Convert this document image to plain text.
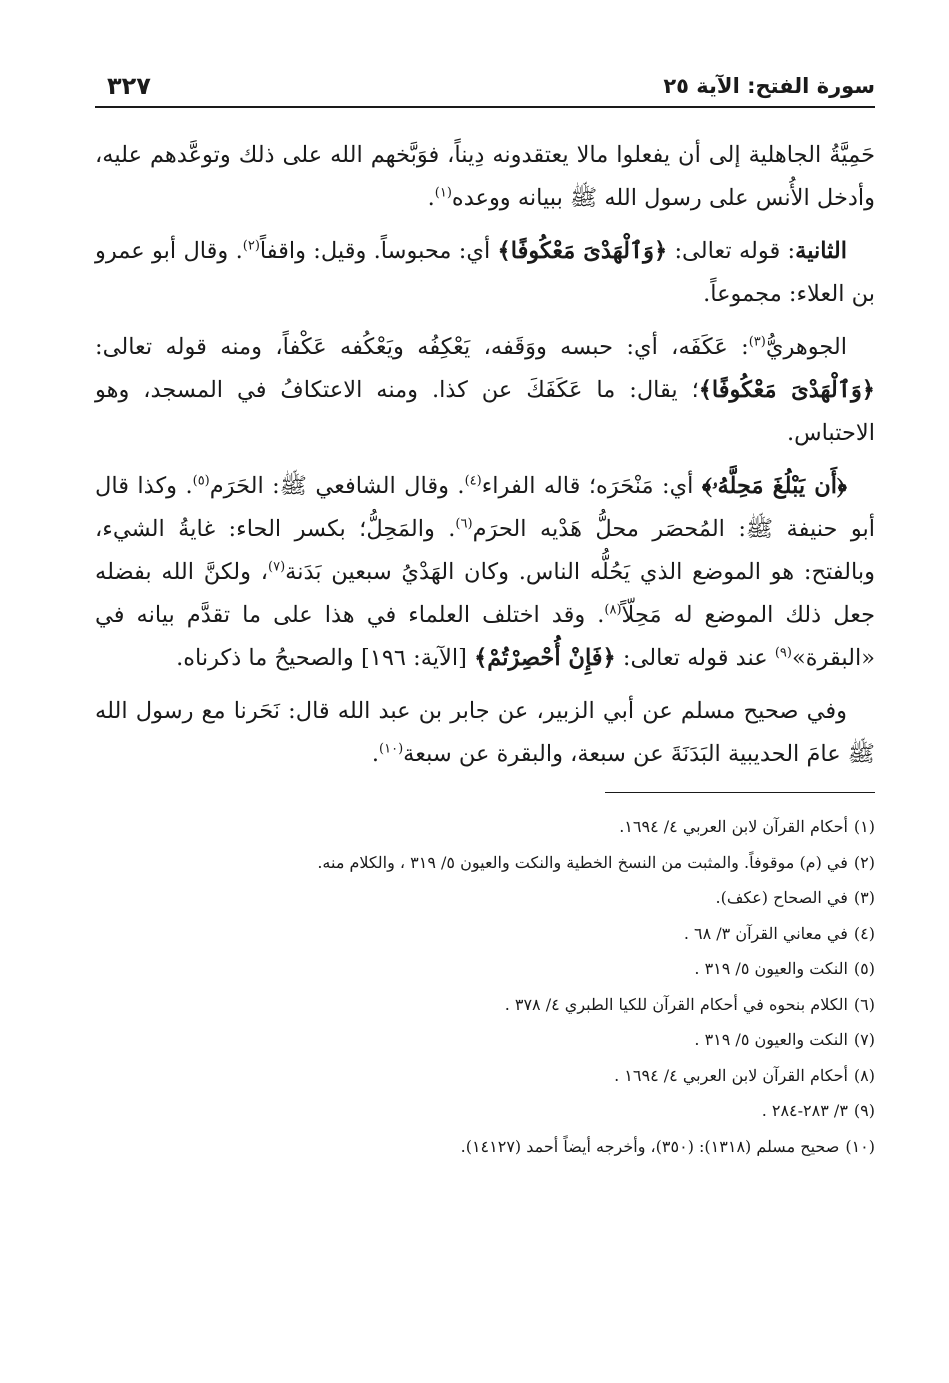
سورة الفتح: الآية ٢٥
٣٢٧

حَمِيَّةُ الجاهلية إلى أن يفعلوا مالا يعتقدونه دِيناً، فوَبَّخهم الله على ذلك وتوعَّدهم عليه، وأدخل الأُنس على رسول الله ﷺ ببيانه ووعده$^{(١)}$.

الثانية: قوله تعالى: ﴿وَٱلْهَدْىَ مَعْكُوفًا﴾ أي: محبوساً. وقيل: واقفاً$^{(٢)}$. وقال أبو عمرو بن العلاء: مجموعاً.

الجوهريُّ$^{(٣)}$: عَكَفَه، أي: حبسه ووَقَفه، يَعْكِفُه ويَعْكُفه عَكْفاً، ومنه قوله تعالى: ﴿وَٱلْهَدْىَ مَعْكُوفًا﴾؛ يقال: ما عَكَفَكَ عن كذا. ومنه الاعتكافُ في المسجد، وهو الاحتباس.

﴿أَن يَبْلُغَ مَحِلَّهُۥ﴾ أي: مَنْحَرَه؛ قاله الفراء$^{(٤)}$. وقال الشافعي ﷺ: الحَرَم$^{(٥)}$. وكذا قال أبو حنيفة ﷺ: المُحصَر محلُّ هَدْيه الحرَم$^{(٦)}$. والمَحِلُّ؛ بكسر الحاء: غايةُ الشيء، وبالفتح: هو الموضع الذي يَحُلُّه الناس. وكان الهَدْيُ سبعين بَدَنة$^{(٧)}$، ولكنَّ الله بفضله جعل ذلك الموضع له مَحِلّاً$^{(٨)}$. وقد اختلف العلماء في هذا على ما تقدَّم بيانه في «البقرة»$^{(٩)}$ عند قوله تعالى: ﴿فَإِنْ أُحْصِرْتُمْ﴾ [الآية: ١٩٦] والصحيحُ ما ذكرناه.

وفي صحيح مسلم عن أبي الزبير، عن جابر بن عبد الله قال: نَحَرنا مع رسول الله ﷺ عامَ الحديبية البَدَنَةَ عن سبعة، والبقرة عن سبعة$^{(١٠)}$.

(١)أحكام القرآن لابن العربي ٤/ ١٦٩٤.
(٢)في (م) موقوفاً. والمثبت من النسخ الخطية والنكت والعيون ٥/ ٣١٩ ، والكلام منه.
(٣)في الصحاح (عكف).
(٤)في معاني القرآن ٣/ ٦٨ .
(٥)النكت والعيون ٥/ ٣١٩ .
(٦)الكلام بنحوه في أحكام القرآن للكيا الطبري ٤/ ٣٧٨ .
(٧)النكت والعيون ٥/ ٣١٩ .
(٨)أحكام القرآن لابن العربي ٤/ ١٦٩٤ .
(٩)٣/ ٢٨٣-٢٨٤ .
(١٠)صحيح مسلم (١٣١٨): (٣٥٠)، وأخرجه أيضاً أحمد (١٤١٢٧).
